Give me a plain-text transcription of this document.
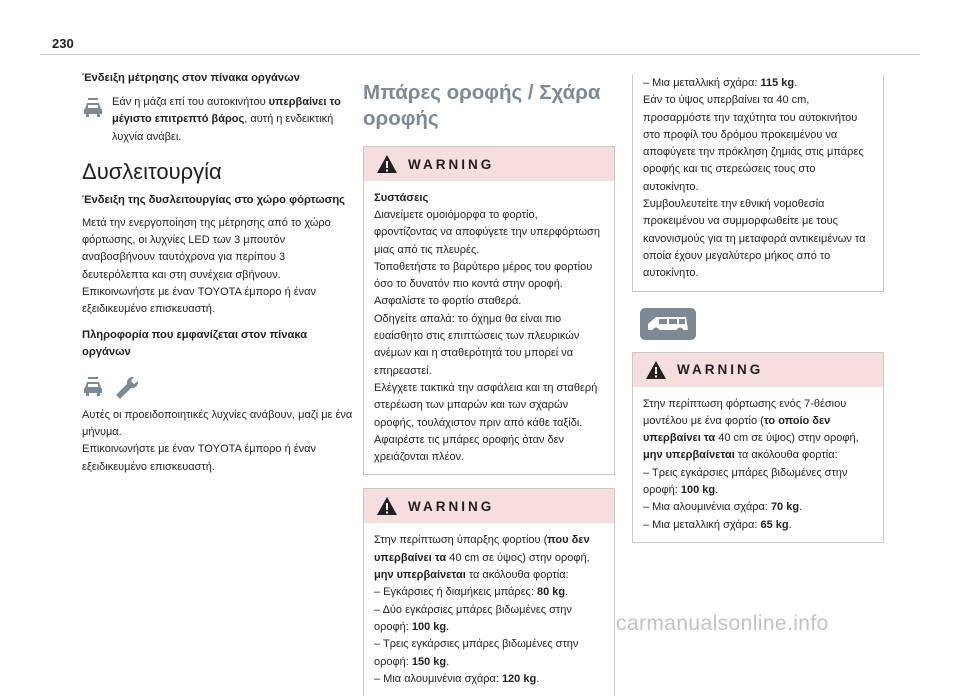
230

Ένδειξη μέτρησης στον πίνακα οργάνων

Εάν η μάζα επί του αυτοκινήτου υπερβαίνει το μέγιστο επιτρεπτό βάρος, αυτή η ενδεικτική λυχνία ανάβει.

Δυσλειτουργία

Ένδειξη της δυσλειτουργίας στο χώρο φόρτωσης

Μετά την ενεργοποίηση της μέτρησης από το χώρο φόρτωσης, οι λυχνίες LED των 3 μπουτόν αναβοσβήνουν ταυτόχρονα για περίπου 3 δευτερόλεπτα και στη συνέχεια σβήνουν.

Επικοινωνήστε με έναν TOYOTA έμπορο ή έναν εξειδικευμένο επισκευαστή.

Πληροφορία που εμφανίζεται στον πίνακα οργάνων

Αυτές οι προειδοποιητικές λυχνίες ανάβουν, μαζί με ένα μήνυμα.

Επικοινωνήστε με έναν TOYOTA έμπορο ή έναν εξειδικευμένο επισκευαστή.

Μπάρες οροφής / Σχάρα οροφής
WARNING

Συστάσεις

Διανείμετε ομοιόμορφα το φορτίο, φροντίζοντας να αποφύγετε την υπερφόρτωση μιας από τις πλευρές.

Τοποθετήστε το βαρύτερο μέρος του φορτίου όσο το δυνατόν πιο κοντά στην οροφή.

Ασφαλίστε το φορτίο σταθερά.

Οδηγείτε απαλά: το όχημα θα είναι πιο ευαίσθητο στις επιπτώσεις των πλευρικών ανέμων και η σταθερότητά του μπορεί να επηρεαστεί.

Ελέγχετε τακτικά την ασφάλεια και τη σταθερή στερέωση των μπαρών και των σχαρών οροφής, τουλάχιστον πριν από κάθε ταξίδι.

Αφαιρέστε τις μπάρες οροφής όταν δεν χρειάζονται πλέον.

WARNING

Στην περίπτωση ύπαρξης φορτίου (που δεν υπερβαίνει τα 40 cm σε ύψος) στην οροφή, μην υπερβαίνεται τα ακόλουθα φορτία:

– Εγκάρσιες ή διαμήκεις μπάρες: 80 kg.

– Δύο εγκάρσιες μπάρες βιδωμένες στην οροφή: 100 kg.

– Τρεις εγκάρσιες μπάρες βιδωμένες στην οροφή: 150 kg.

– Μια αλουμινένια σχάρα: 120 kg.

– Μια μεταλλική σχάρα: 115 kg.

Εάν το ύψος υπερβαίνει τα 40 cm, προσαρμόστε την ταχύτητα του αυτοκινήτου στο προφίλ του δρόμου προκειμένου να αποφύγετε την πρόκληση ζημιάς στις μπάρες οροφής και τις στερεώσεις τους στο αυτοκίνητο.

Συμβουλευτείτε την εθνική νομοθεσία προκειμένου να συμμορφωθείτε με τους κανονισμούς για τη μεταφορά αντικειμένων τα οποία έχουν μεγαλύτερο μήκος από το αυτοκίνητο.

WARNING

Στην περίπτωση φόρτωσης ενός 7-θέσιου μοντέλου με ένα φορτίο (το οποίο δεν υπερβαίνει τα 40 cm σε ύψος) στην οροφή, μην υπερβαίνεται τα ακόλουθα φορτία:

– Τρεις εγκάρσιες μπάρες βιδωμένες στην οροφή: 100 kg.

– Μια αλουμινένια σχάρα: 70 kg.

– Μια μεταλλική σχάρα: 65 kg.

carmanualsonline.info
